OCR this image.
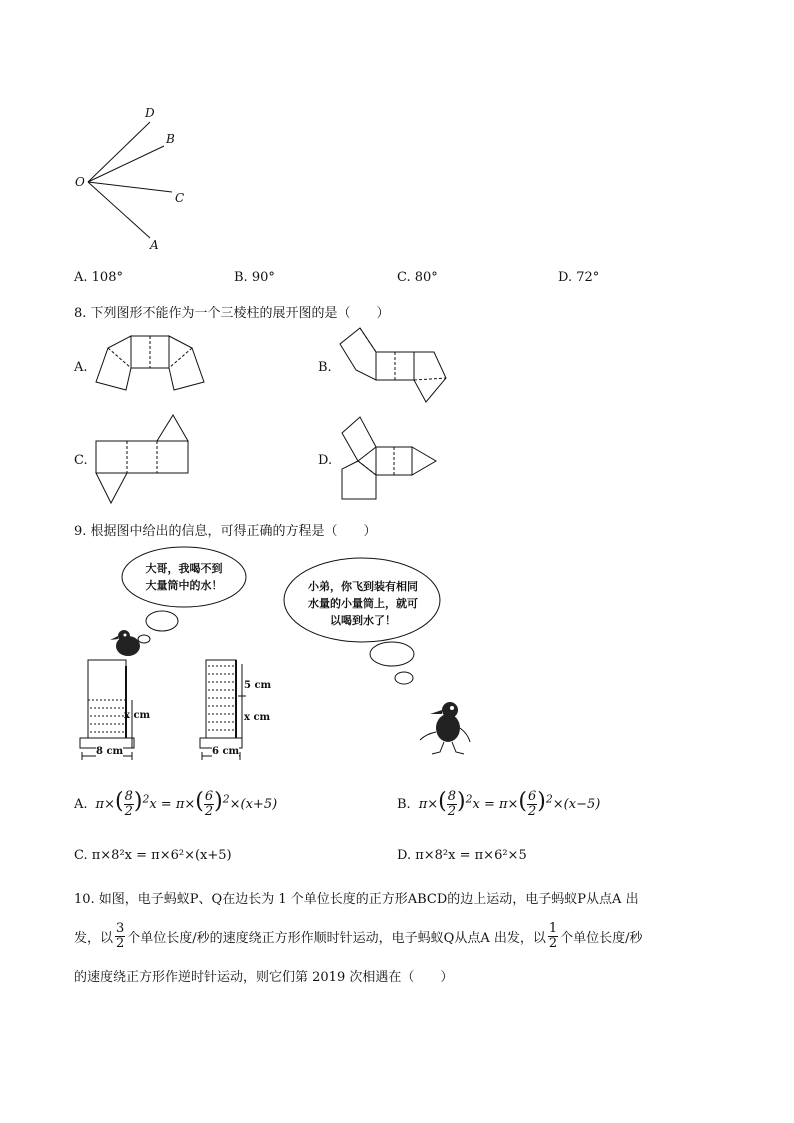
D
B
O
C
A
A. 108°	B. 90°	C. 80°	D. 72°
8. 下列图形不能作为一个三棱柱的展开图的是（　　）
A.	B.
C.	D.
9. 根据图中给出的信息，可得正确的方程是（　　）
大哥，我喝不到
大量筒中的水！	小弟，你飞到装有相同
水量的小量筒上，就可
以喝到水了！
x cm
8 cm
5 cm
x cm
6 cm
A. $\pi\times( \frac{8}{2} )^2x = \pi\times( \frac{6}{2} )^2\times(x+5)$	B. $\pi\times( \frac{8}{2} )^2x = \pi\times( \frac{6}{2} )^2\times(x-5)$
C. π×8²x = π×6²×(x+5)	D. π×8²x = π×6²×5
10. 如图，电子蚂蚁P、Q在边长为 1 个单位长度的正方形ABCD的边上运动，电子蚂蚁P从点A 出
发，以 $\frac{3}{2}$ 个单位长度/秒的速度绕正方形作顺时针运动，电子蚂蚁Q从点A 出发，以 $\frac{1}{2}$ 个单位长度/秒
的速度绕正方形作逆时针运动，则它们第 2019 次相遇在（　　）
